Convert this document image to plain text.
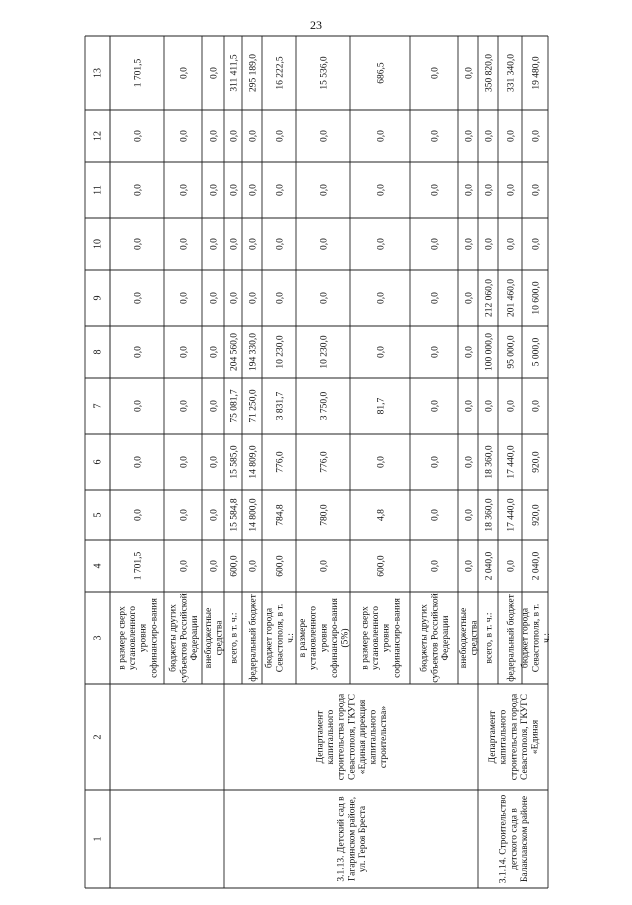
23
1
2
3
4
5
6
7
8
9
10
11
12
13
в размере сверхустановленногоуровнясофинансиро-вания
1 701,5
0,0
0,0
0,0
0,0
0,0
0,0
0,0
0,0
1 701,5
бюджеты другихсубъектов РоссийскойФедерации
0,0
0,0
0,0
0,0
0,0
0,0
0,0
0,0
0,0
0,0
внебюджетныесредства
0,0
0,0
0,0
0,0
0,0
0,0
0,0
0,0
0,0
0,0
3.1.13. Детский сад вГагаринском районе,ул. Героя Бреста
Департаменткапитальногостроительства городаСевастополя, ГКУГС«Единая дирекциякапитальногостроительства»
всего, в т. ч.:
600,0
15 584,8
15 585,0
75 081,7
204 560,0
0,0
0,0
0,0
0,0
311 411,5
федеральный бюджет
0,0
14 800,0
14 809,0
71 250,0
194 330,0
0,0
0,0
0,0
0,0
295 189,0
бюджет городаСевастополя, в т.ч.:
600,0
784,8
776,0
3 831,7
10 230,0
0,0
0,0
0,0
0,0
16 222,5
в размереустановленногоуровнясофинансиро-вания(5%)
0,0
780,0
776,0
3 750,0
10 230,0
0,0
0,0
0,0
0,0
15 536,0
в размере сверхустановленногоуровнясофинансиро-вания
600,0
4,8
0,0
81,7
0,0
0,0
0,0
0,0
0,0
686,5
бюджеты другихсубъектов РоссийскойФедерации
0,0
0,0
0,0
0,0
0,0
0,0
0,0
0,0
0,0
0,0
внебюджетныесредства
0,0
0,0
0,0
0,0
0,0
0,0
0,0
0,0
0,0
0,0
3.1.14. Строительстводетского сада вБалаклавском районе
Департаменткапитальногостроительства городаСевастополя, ГКУГС«Единая
всего, в т. ч.:
2 040,0
18 360,0
18 360,0
0,0
100 000,0
212 060,0
0,0
0,0
0,0
350 820,0
федеральный бюджет
0,0
17 440,0
17 440,0
0,0
95 000,0
201 460,0
0,0
0,0
0,0
331 340,0
бюджет городаСевастополя, в т.ч.:
2 040,0
920,0
920,0
0,0
5 000,0
10 600,0
0,0
0,0
0,0
19 480,0
